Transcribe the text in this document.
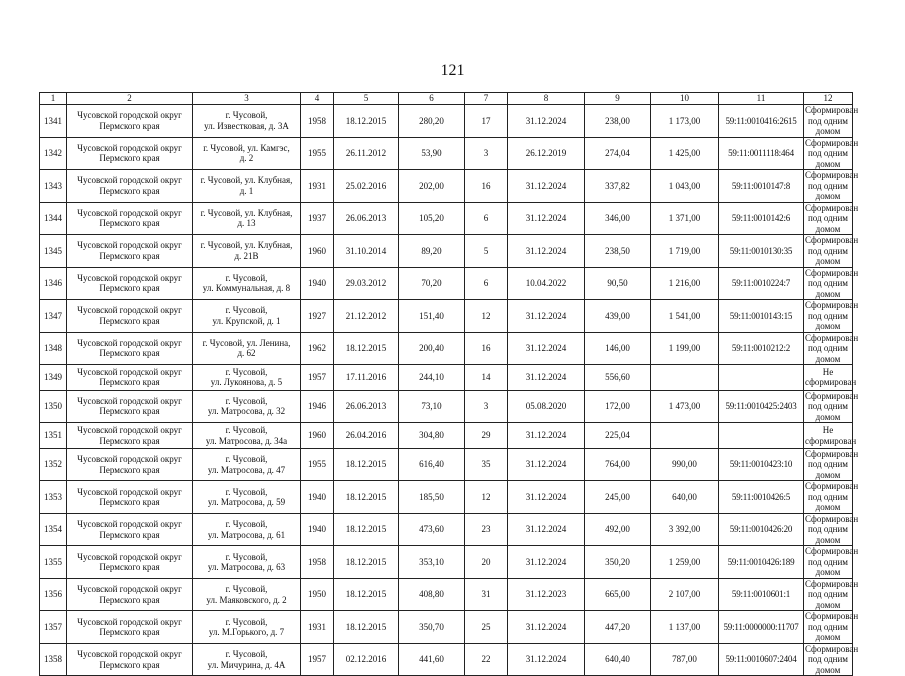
121
1	2	3	4	5	6	7	8	9	10	11	12
1341	Чусовской городской округ
Пермского края	г. Чусовой,
ул. Известковая, д. 3А	1958	18.12.2015	280,20	17	31.12.2024	238,00	1 173,00	59:11:0010416:2615	Сформирован
под одним домом
1342	Чусовской городской округ
Пермского края	г. Чусовой, ул. Камгэс,
д. 2	1955	26.11.2012	53,90	3	26.12.2019	274,04	1 425,00	59:11:0011118:464	Сформирован
под одним домом
1343	Чусовской городской округ
Пермского края	г. Чусовой, ул. Клубная,
д. 1	1931	25.02.2016	202,00	16	31.12.2024	337,82	1 043,00	59:11:0010147:8	Сформирован
под одним домом
1344	Чусовской городской округ
Пермского края	г. Чусовой, ул. Клубная,
д. 13	1937	26.06.2013	105,20	6	31.12.2024	346,00	1 371,00	59:11:0010142:6	Сформирован
под одним домом
1345	Чусовской городской округ
Пермского края	г. Чусовой, ул. Клубная,
д. 21В	1960	31.10.2014	89,20	5	31.12.2024	238,50	1 719,00	59:11:0010130:35	Сформирован
под одним домом
1346	Чусовской городской округ
Пермского края	г. Чусовой,
ул. Коммунальная, д. 8	1940	29.03.2012	70,20	6	10.04.2022	90,50	1 216,00	59:11:0010224:7	Сформирован
под одним домом
1347	Чусовской городской округ
Пермского края	г. Чусовой,
ул. Крупской, д. 1	1927	21.12.2012	151,40	12	31.12.2024	439,00	1 541,00	59:11:0010143:15	Сформирован
под одним домом
1348	Чусовской городской округ
Пермского края	г. Чусовой, ул. Ленина,
д. 62	1962	18.12.2015	200,40	16	31.12.2024	146,00	1 199,00	59:11:0010212:2	Сформирован
под одним домом
1349	Чусовской городской округ
Пермского края	г. Чусовой,
ул. Лукоянова, д. 5	1957	17.11.2016	244,10	14	31.12.2024	556,60			Не сформирован
1350	Чусовской городской округ
Пермского края	г. Чусовой,
ул. Матросова, д. 32	1946	26.06.2013	73,10	3	05.08.2020	172,00	1 473,00	59:11:0010425:2403	Сформирован
под одним домом
1351	Чусовской городской округ
Пермского края	г. Чусовой,
ул. Матросова, д. 34а	1960	26.04.2016	304,80	29	31.12.2024	225,04			Не сформирован
1352	Чусовской городской округ
Пермского края	г. Чусовой,
ул. Матросова, д. 47	1955	18.12.2015	616,40	35	31.12.2024	764,00	990,00	59:11:0010423:10	Сформирован
под одним домом
1353	Чусовской городской округ
Пермского края	г. Чусовой,
ул. Матросова, д. 59	1940	18.12.2015	185,50	12	31.12.2024	245,00	640,00	59:11:0010426:5	Сформирован
под одним домом
1354	Чусовской городской округ
Пермского края	г. Чусовой,
ул. Матросова, д. 61	1940	18.12.2015	473,60	23	31.12.2024	492,00	3 392,00	59:11:0010426:20	Сформирован
под одним домом
1355	Чусовской городской округ
Пермского края	г. Чусовой,
ул. Матросова, д. 63	1958	18.12.2015	353,10	20	31.12.2024	350,20	1 259,00	59:11:0010426:189	Сформирован
под одним домом
1356	Чусовской городской округ
Пермского края	г. Чусовой,
ул. Маяковского, д. 2	1950	18.12.2015	408,80	31	31.12.2023	665,00	2 107,00	59:11:0010601:1	Сформирован
под одним домом
1357	Чусовской городской округ
Пермского края	г. Чусовой,
ул. М.Горького, д. 7	1931	18.12.2015	350,70	25	31.12.2024	447,20	1 137,00	59:11:0000000:11707	Сформирован
под одним домом
1358	Чусовской городской округ
Пермского края	г. Чусовой,
ул. Мичурина, д. 4А	1957	02.12.2016	441,60	22	31.12.2024	640,40	787,00	59:11:0010607:2404	Сформирован
под одним домом
